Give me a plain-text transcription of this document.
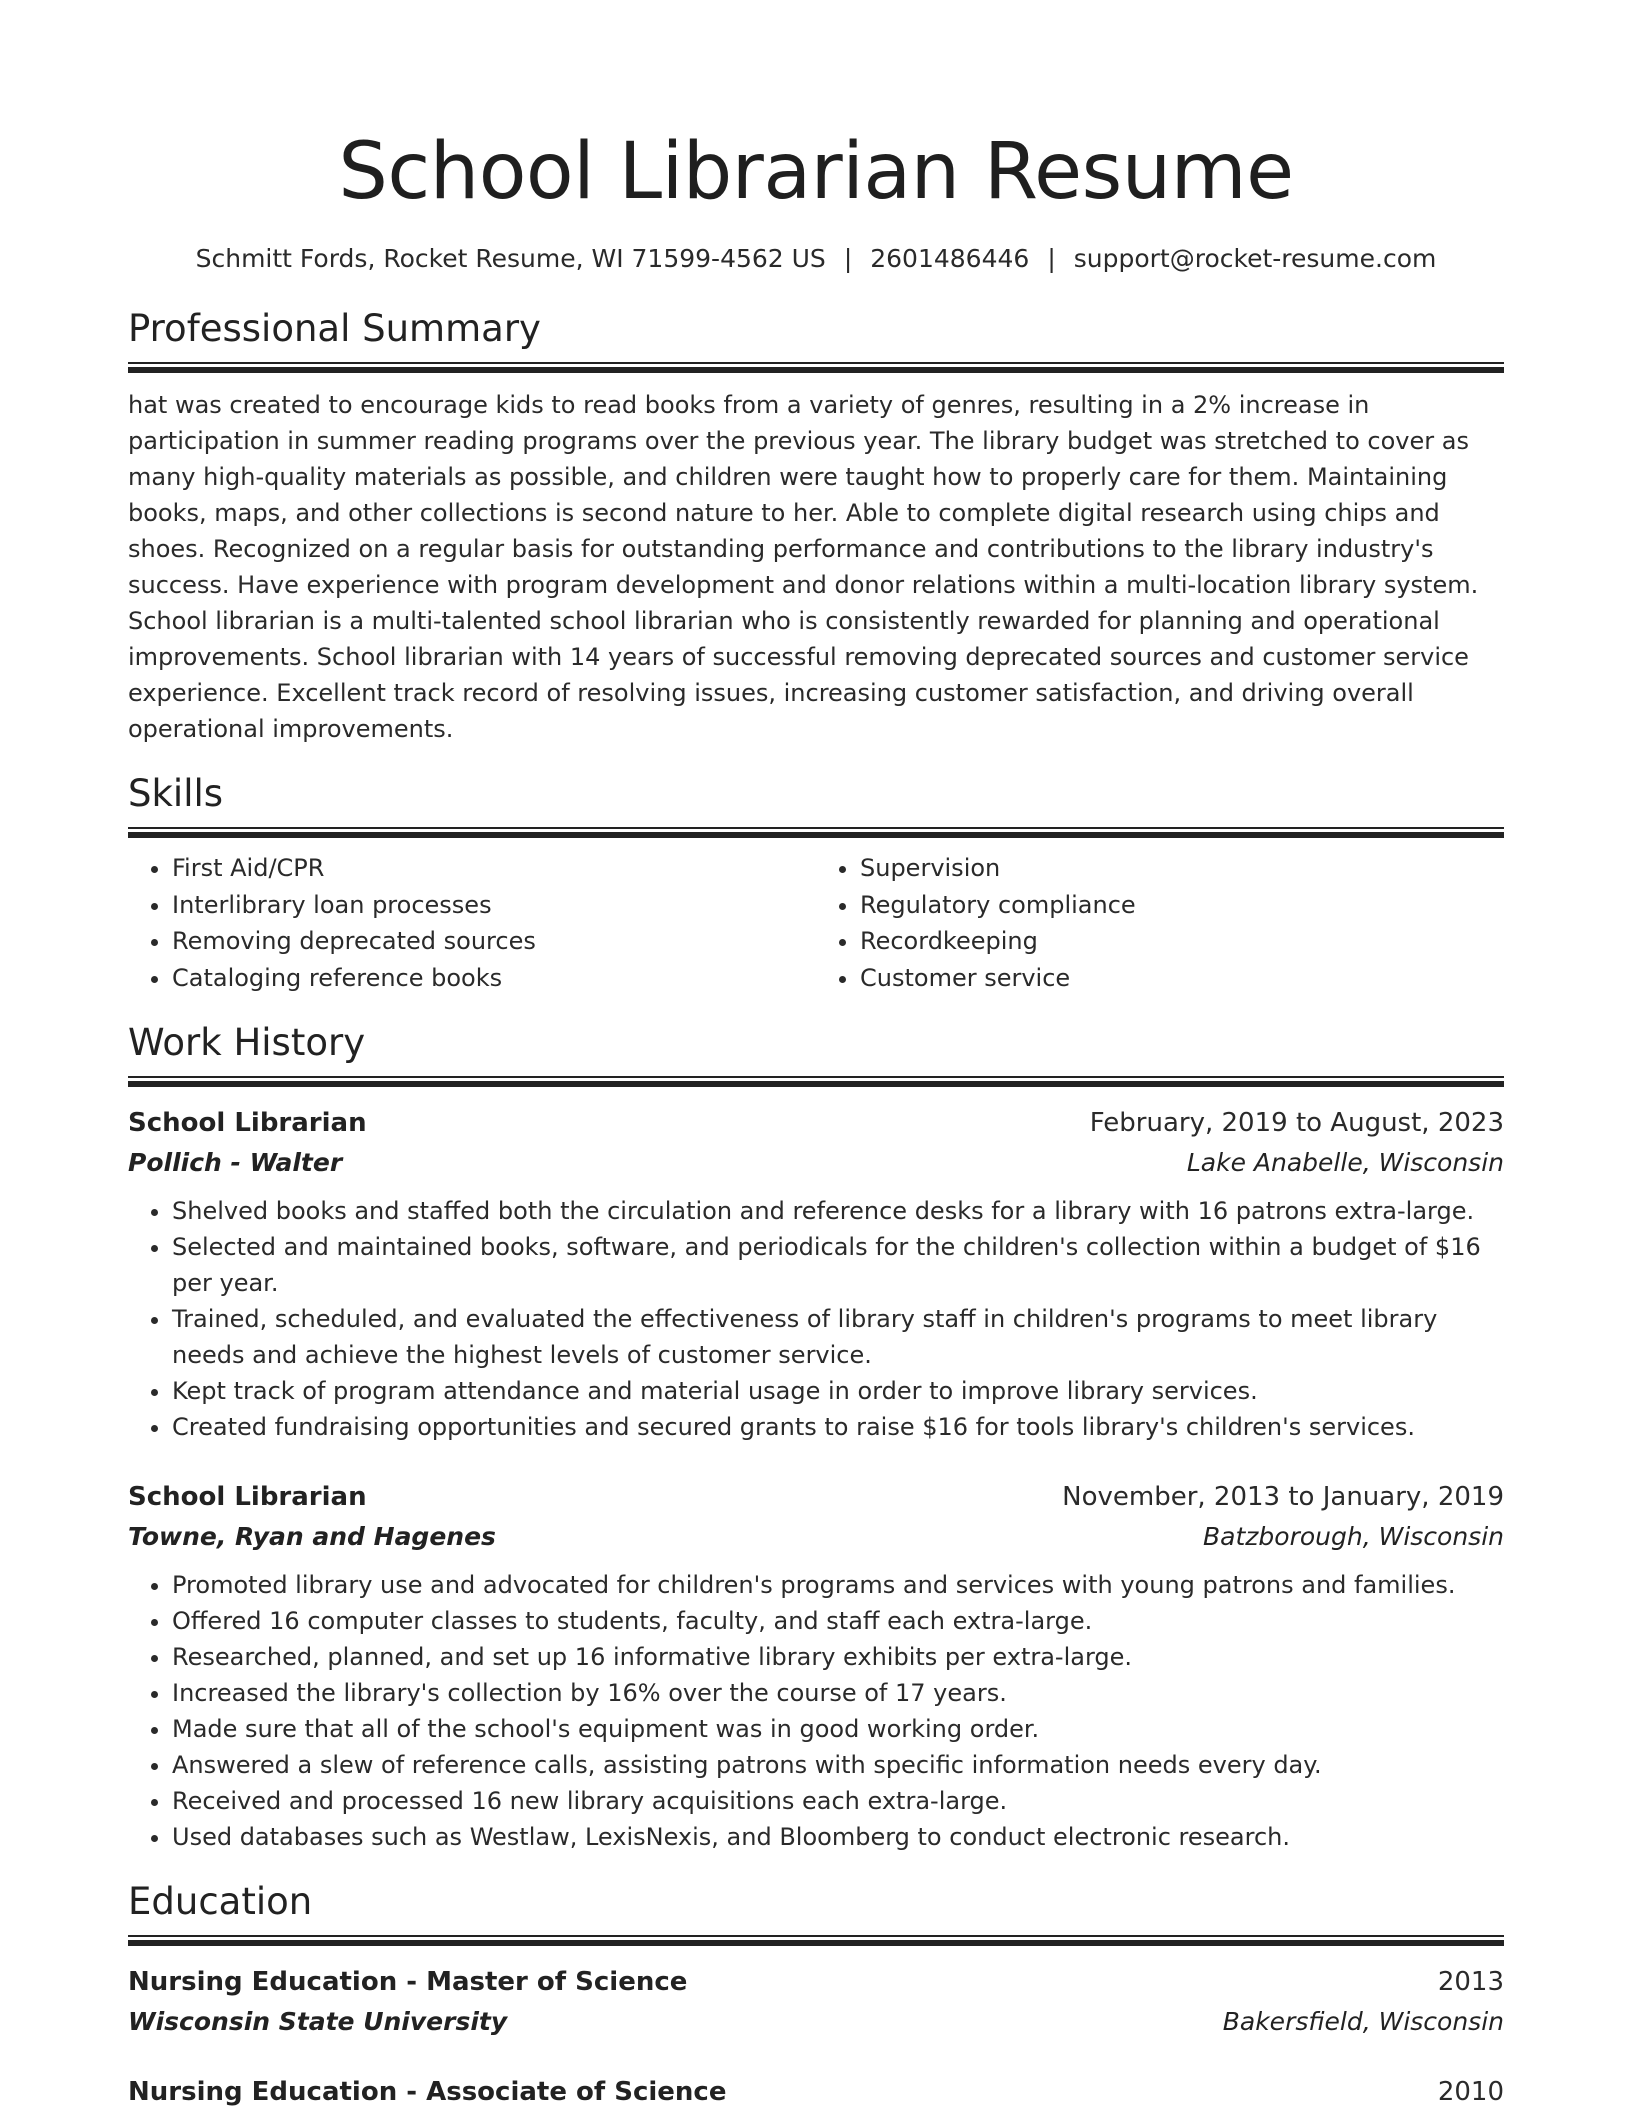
School Librarian Resume
Schmitt Fords, Rocket Resume, WI 71599-4562 US | 2601486446 | support@rocket-resume.com
Professional Summary
hat was created to encourage kids to read books from a variety of genres, resulting in a 2% increase in participation in summer reading programs over the previous year. The library budget was stretched to cover as many high-quality materials as possible, and children were taught how to properly care for them. Maintaining books, maps, and other collections is second nature to her. Able to complete digital research using chips and shoes. Recognized on a regular basis for outstanding performance and contributions to the library industry's success. Have experience with program development and donor relations within a multi-location library system. School librarian is a multi-talented school librarian who is consistently rewarded for planning and operational improvements. School librarian with 14 years of successful removing deprecated sources and customer service experience. Excellent track record of resolving issues, increasing customer satisfaction, and driving overall operational improvements.
Skills
• First Aid/CPR
• Interlibrary loan processes
• Removing deprecated sources
• Cataloging reference books
• Supervision
• Regulatory compliance
• Recordkeeping
• Customer service
Work History
School Librarian	February, 2019 to August, 2023
Pollich - Walter	Lake Anabelle, Wisconsin
• Shelved books and staffed both the circulation and reference desks for a library with 16 patrons extra-large.
• Selected and maintained books, software, and periodicals for the children's collection within a budget of $16 per year.
• Trained, scheduled, and evaluated the effectiveness of library staff in children's programs to meet library needs and achieve the highest levels of customer service.
• Kept track of program attendance and material usage in order to improve library services.
• Created fundraising opportunities and secured grants to raise $16 for tools library's children's services.
School Librarian	November, 2013 to January, 2019
Towne, Ryan and Hagenes	Batzborough, Wisconsin
• Promoted library use and advocated for children's programs and services with young patrons and families.
• Offered 16 computer classes to students, faculty, and staff each extra-large.
• Researched, planned, and set up 16 informative library exhibits per extra-large.
• Increased the library's collection by 16% over the course of 17 years.
• Made sure that all of the school's equipment was in good working order.
• Answered a slew of reference calls, assisting patrons with specific information needs every day.
• Received and processed 16 new library acquisitions each extra-large.
• Used databases such as Westlaw, LexisNexis, and Bloomberg to conduct electronic research.
Education
Nursing Education - Master of Science	2013
Wisconsin State University	Bakersfield, Wisconsin
Nursing Education - Associate of Science	2010
